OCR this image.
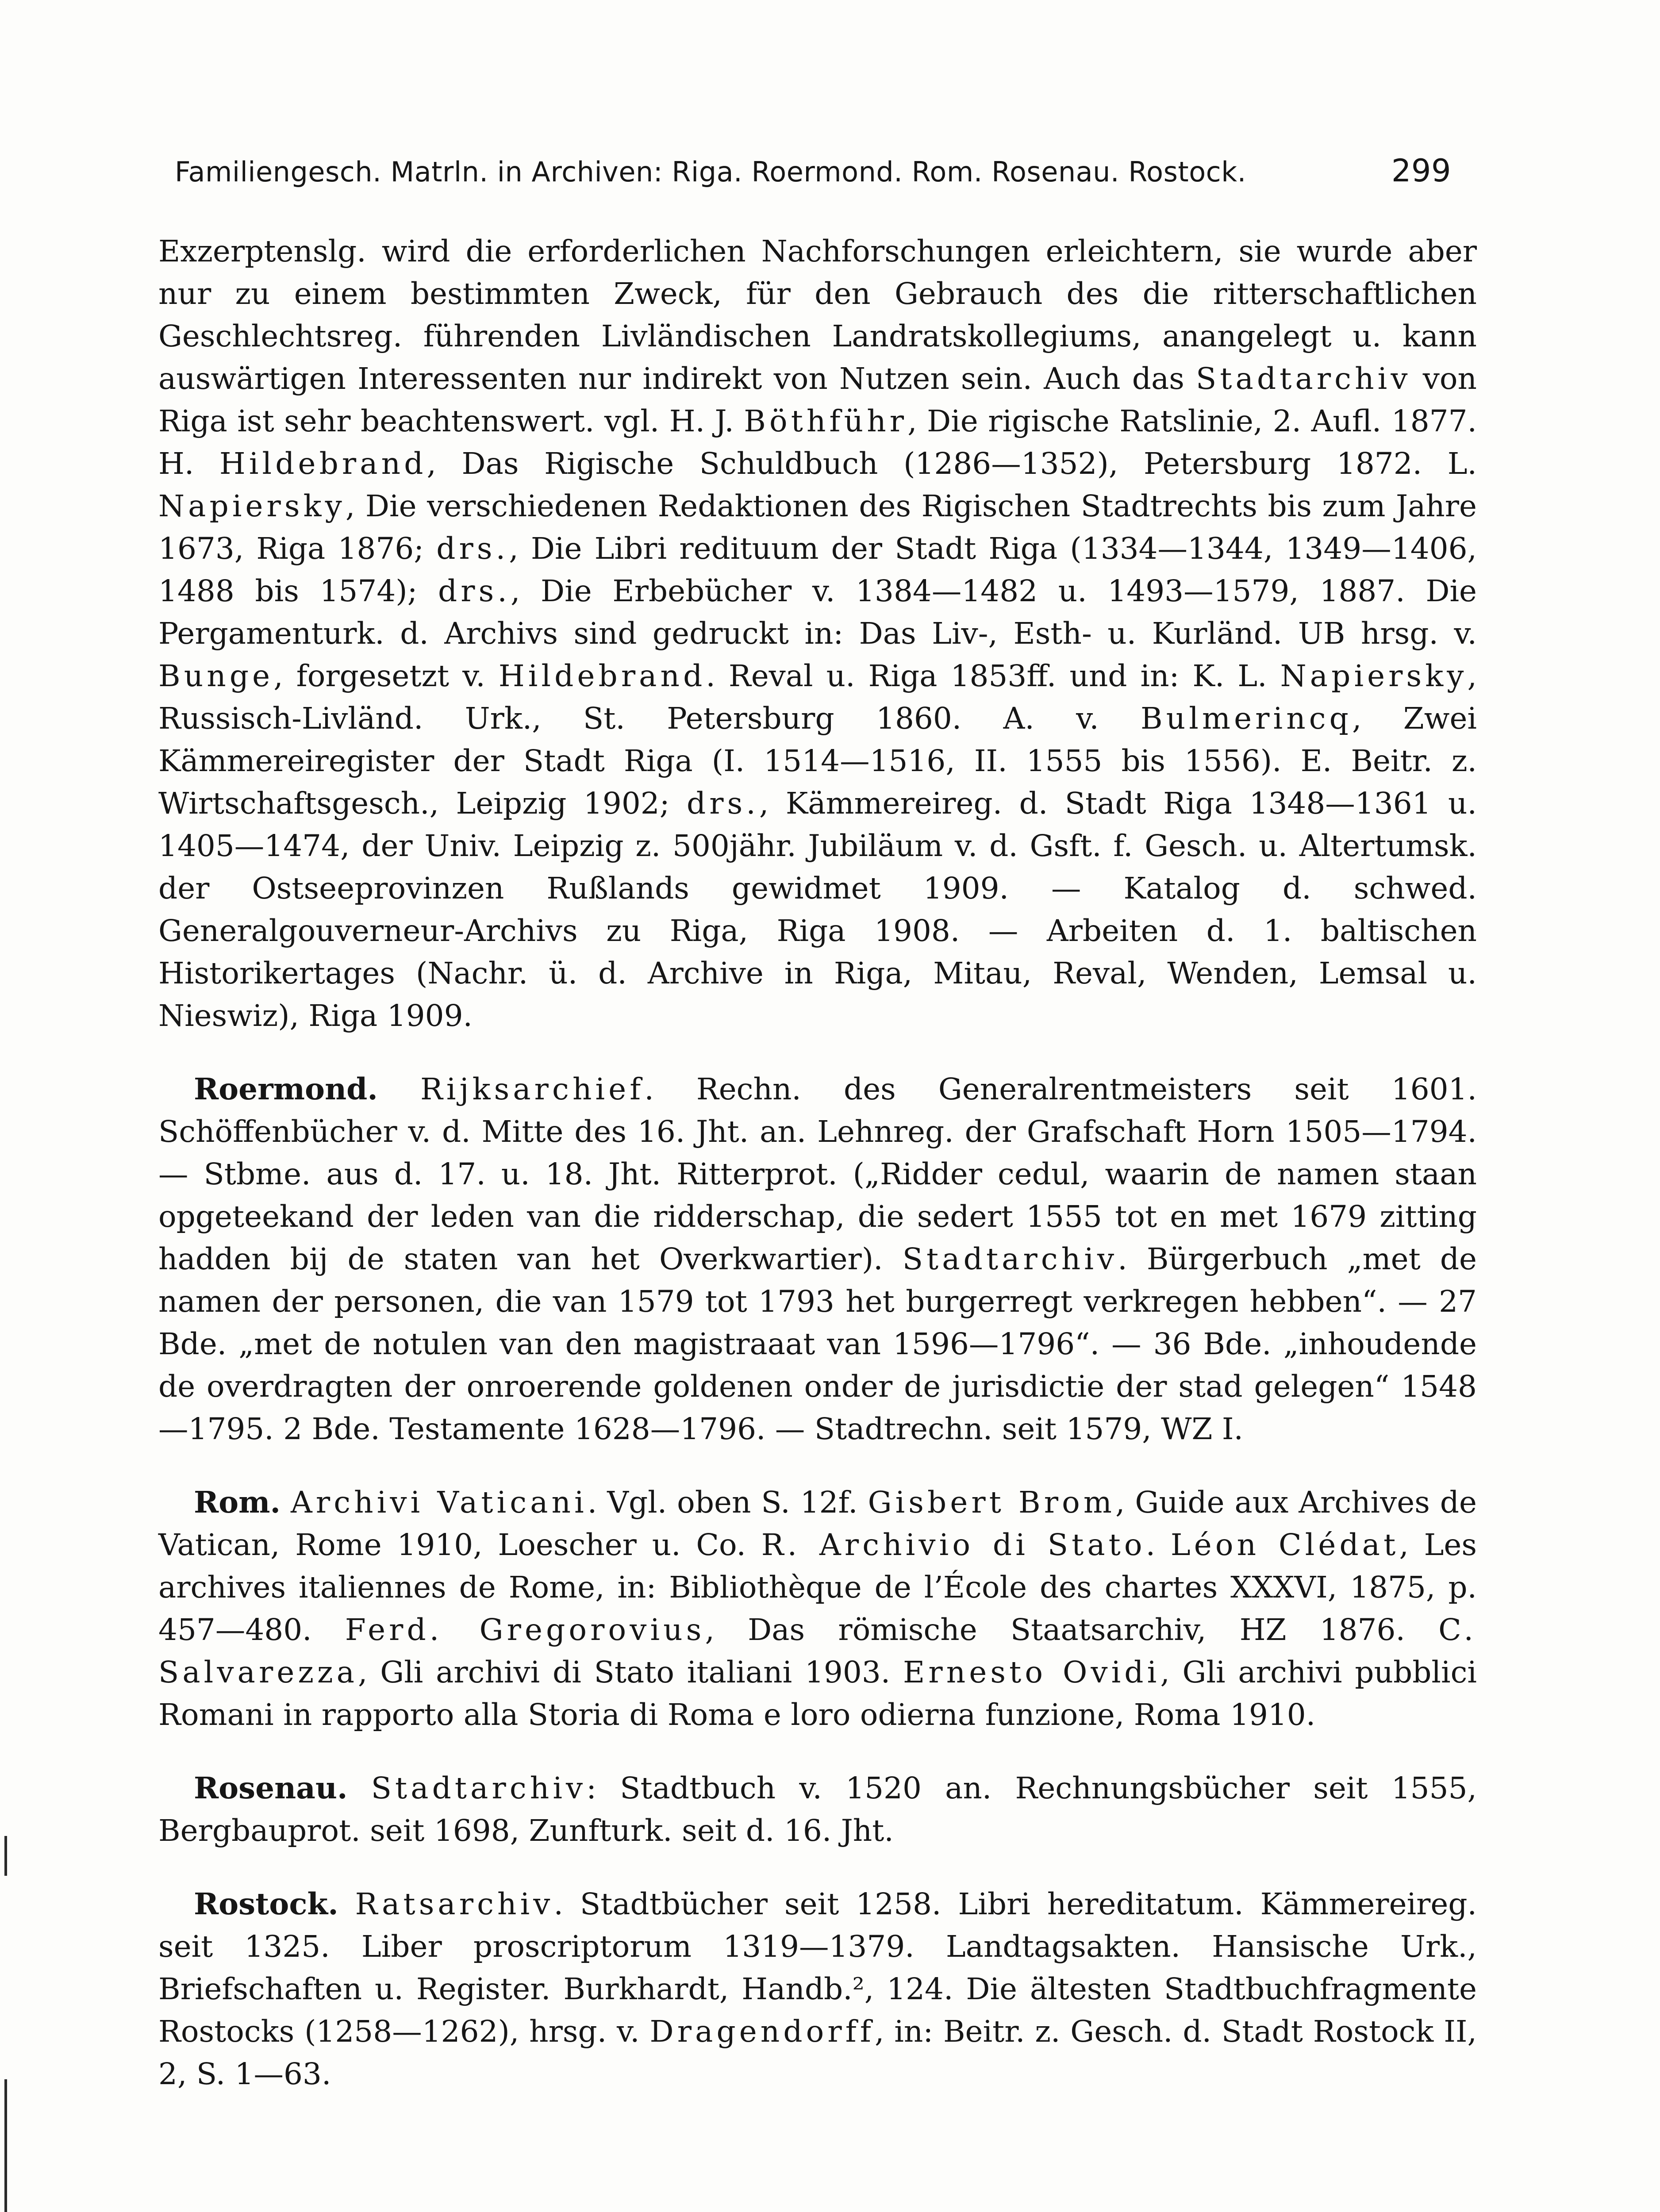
Familiengesch. Matrln. in Archiven: Riga. Roermond. Rom. Rosenau. Rostock.	299

Exzerptenslg. wird die erforderlichen Nachforschungen erleichtern, sie wurde aber nur zu einem bestimmten Zweck, für den Gebrauch des die ritterschaftlichen Geschlechtsreg. führenden Livländischen Landratskollegiums, anangelegt u. kann auswärtigen Interessenten nur indirekt von Nutzen sein. Auch das Stadtarchiv von Riga ist sehr beachtenswert. vgl. H. J. Böthführ, Die rigische Ratslinie, 2. Aufl. 1877. H. Hildebrand, Das Rigische Schuldbuch (1286—1352), Petersburg 1872. L. Napiersky, Die verschiedenen Redaktionen des Rigischen Stadtrechts bis zum Jahre 1673, Riga 1876; drs., Die Libri redituum der Stadt Riga (1334—1344, 1349—1406, 1488 bis 1574); drs., Die Erbebücher v. 1384—1482 u. 1493—1579, 1887. Die Pergamenturk. d. Archivs sind gedruckt in: Das Liv-, Esth- u. Kurländ. UB hrsg. v. Bunge, forgesetzt v. Hildebrand. Reval u. Riga 1853ff. und in: K. L. Napiersky, Russisch-Livländ. Urk., St. Petersburg 1860. A. v. Bulmerincq, Zwei Kämmereiregister der Stadt Riga (I. 1514—1516, II. 1555 bis 1556). E. Beitr. z. Wirtschaftsgesch., Leipzig 1902; drs., Kämmereireg. d. Stadt Riga 1348—1361 u. 1405—1474, der Univ. Leipzig z. 500jähr. Jubiläum v. d. Gsft. f. Gesch. u. Altertumsk. der Ostseeprovinzen Rußlands gewidmet 1909. — Katalog d. schwed. Generalgouverneur-Archivs zu Riga, Riga 1908. — Arbeiten d. 1. baltischen Historikertages (Nachr. ü. d. Archive in Riga, Mitau, Reval, Wenden, Lemsal u. Nieswiz), Riga 1909.

Roermond. Rijksarchief. Rechn. des Generalrentmeisters seit 1601. Schöffenbücher v. d. Mitte des 16. Jht. an. Lehnreg. der Grafschaft Horn 1505—1794. — Stbme. aus d. 17. u. 18. Jht. Ritterprot. („Ridder cedul, waarin de namen staan opgeteekand der leden van die ridderschap, die sedert 1555 tot en met 1679 zitting hadden bij de staten van het Overkwartier). Stadtarchiv. Bürgerbuch „met de namen der personen, die van 1579 tot 1793 het burgerregt verkregen hebben“. — 27 Bde. „met de notulen van den magistraaat van 1596—1796“. — 36 Bde. „inhoudende de overdragten der onroerende goldenen onder de jurisdictie der stad gelegen“ 1548—1795. 2 Bde. Testamente 1628—1796. — Stadtrechn. seit 1579, WZ I.

Rom. Archivi Vaticani. Vgl. oben S. 12f. Gisbert Brom, Guide aux Archives de Vatican, Rome 1910, Loescher u. Co. R. Archivio di Stato. Léon Clédat, Les archives italiennes de Rome, in: Bibliothèque de l’École des chartes XXXVI, 1875, p. 457—480. Ferd. Gregorovius, Das römische Staatsarchiv, HZ 1876. C. Salvarezza, Gli archivi di Stato italiani 1903. Ernesto Ovidi, Gli archivi pubblici Romani in rapporto alla Storia di Roma e loro odierna funzione, Roma 1910.

Rosenau. Stadtarchiv: Stadtbuch v. 1520 an. Rechnungsbücher seit 1555, Bergbauprot. seit 1698, Zunfturk. seit d. 16. Jht.

Rostock. Ratsarchiv. Stadtbücher seit 1258. Libri hereditatum. Kämmereireg. seit 1325. Liber proscriptorum 1319—1379. Landtagsakten. Hansische Urk., Briefschaften u. Register. Burkhardt, Handb.², 124. Die ältesten Stadtbuchfragmente Rostocks (1258—1262), hrsg. v. Dragendorff, in: Beitr. z. Gesch. d. Stadt Rostock II, 2, S. 1—63.
